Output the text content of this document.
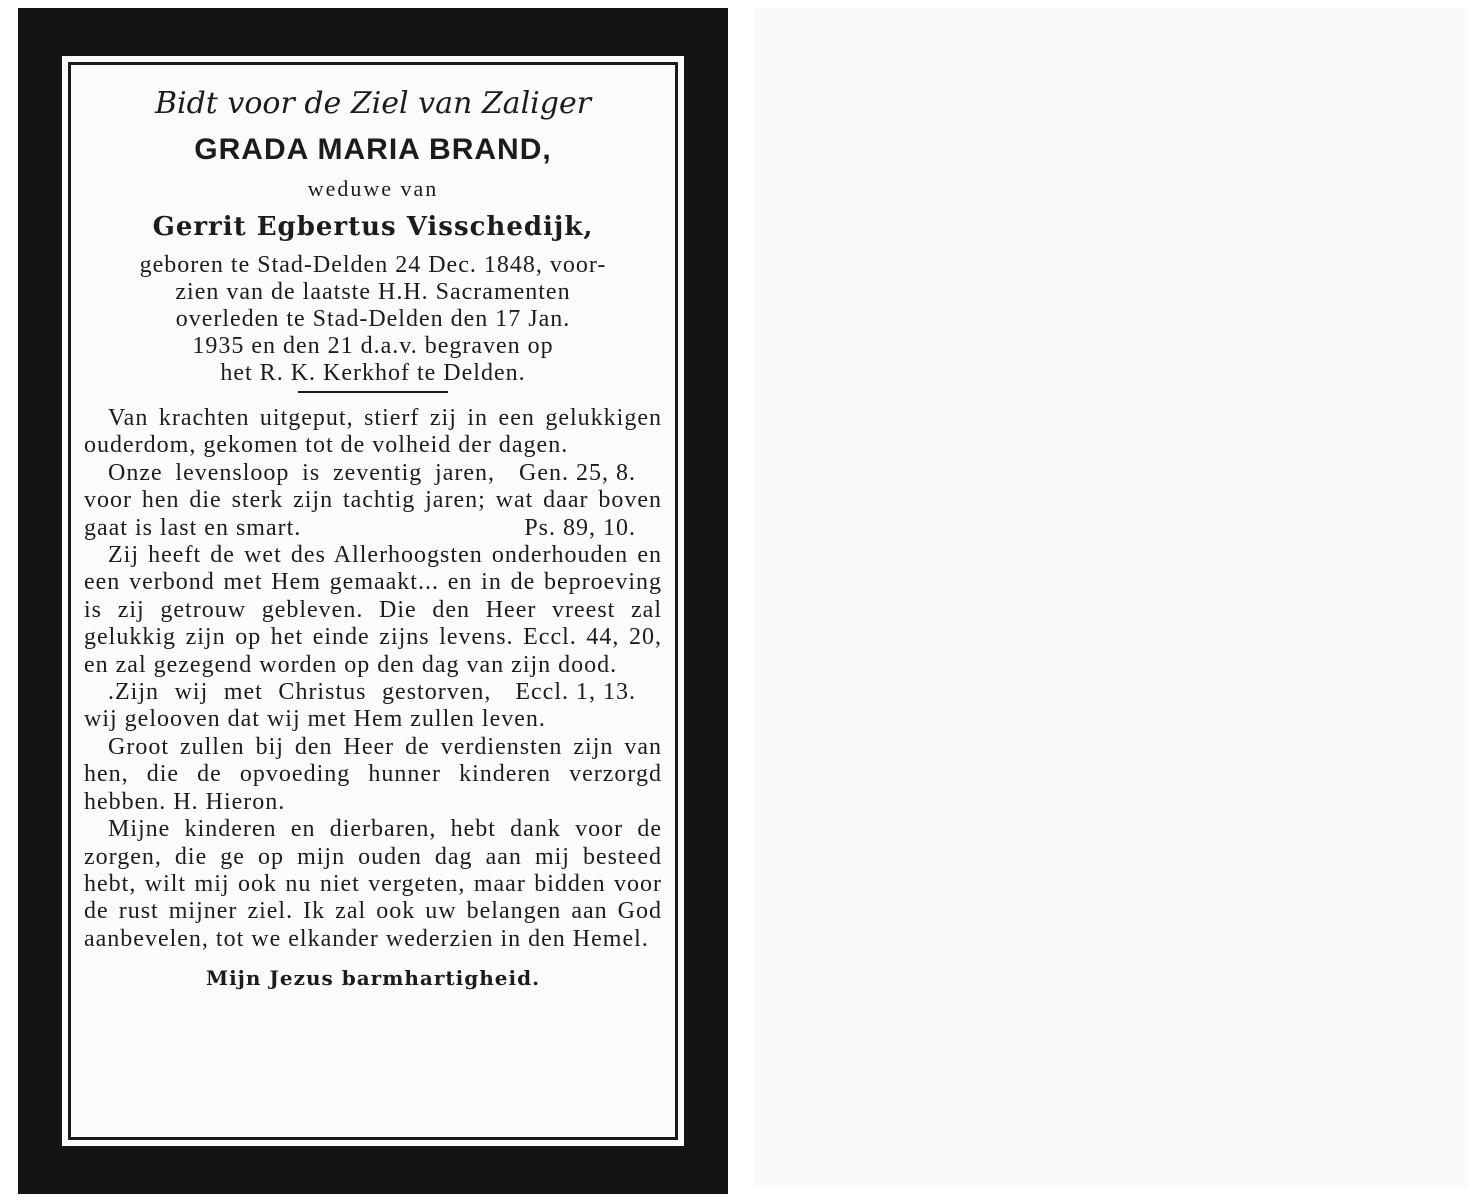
Bidt voor de Ziel van Zaliger

GRADA MARIA BRAND,

weduwe van

Gerrit Egbertus Visschedijk,

geboren te Stad-Delden 24 Dec. 1848, voor-
zien van de laatste H.H. Sacramenten
overleden te Stad-Delden den 17 Jan.
1935 en den 21 d.a.v. begraven op
het R. K. Kerkhof te Delden.

Van krachten uitgeput, stierf zij in een gelukkigen ouderdom, gekomen tot de volheid der dagen.
Gen. 25, 8.

Onze levensloop is zeventig jaren, voor hen die sterk zijn tachtig jaren; wat daar boven gaat is last en smart.	Ps. 89, 10.

Zij heeft de wet des Allerhoogsten onderhouden en een verbond met Hem gemaakt... en in de beproeving is zij getrouw gebleven. Die den Heer vreest zal gelukkig zijn op het einde zijns levens. Eccl. 44, 20, en zal gezegend worden op den dag van zijn dood.
Eccl. 1, 13.

.Zijn wij met Christus gestorven, wij gelooven dat wij met Hem zullen leven.

Groot zullen bij den Heer de verdiensten zijn van hen, die de opvoeding hunner kinderen verzorgd hebben. H. Hieron.

Mijne kinderen en dierbaren, hebt dank voor de zorgen, die ge op mijn ouden dag aan mij besteed hebt, wilt mij ook nu niet vergeten, maar bidden voor de rust mijner ziel. Ik zal ook uw belangen aan God aanbevelen, tot we elkander wederzien in den Hemel.

Mijn Jezus barmhartigheid.
